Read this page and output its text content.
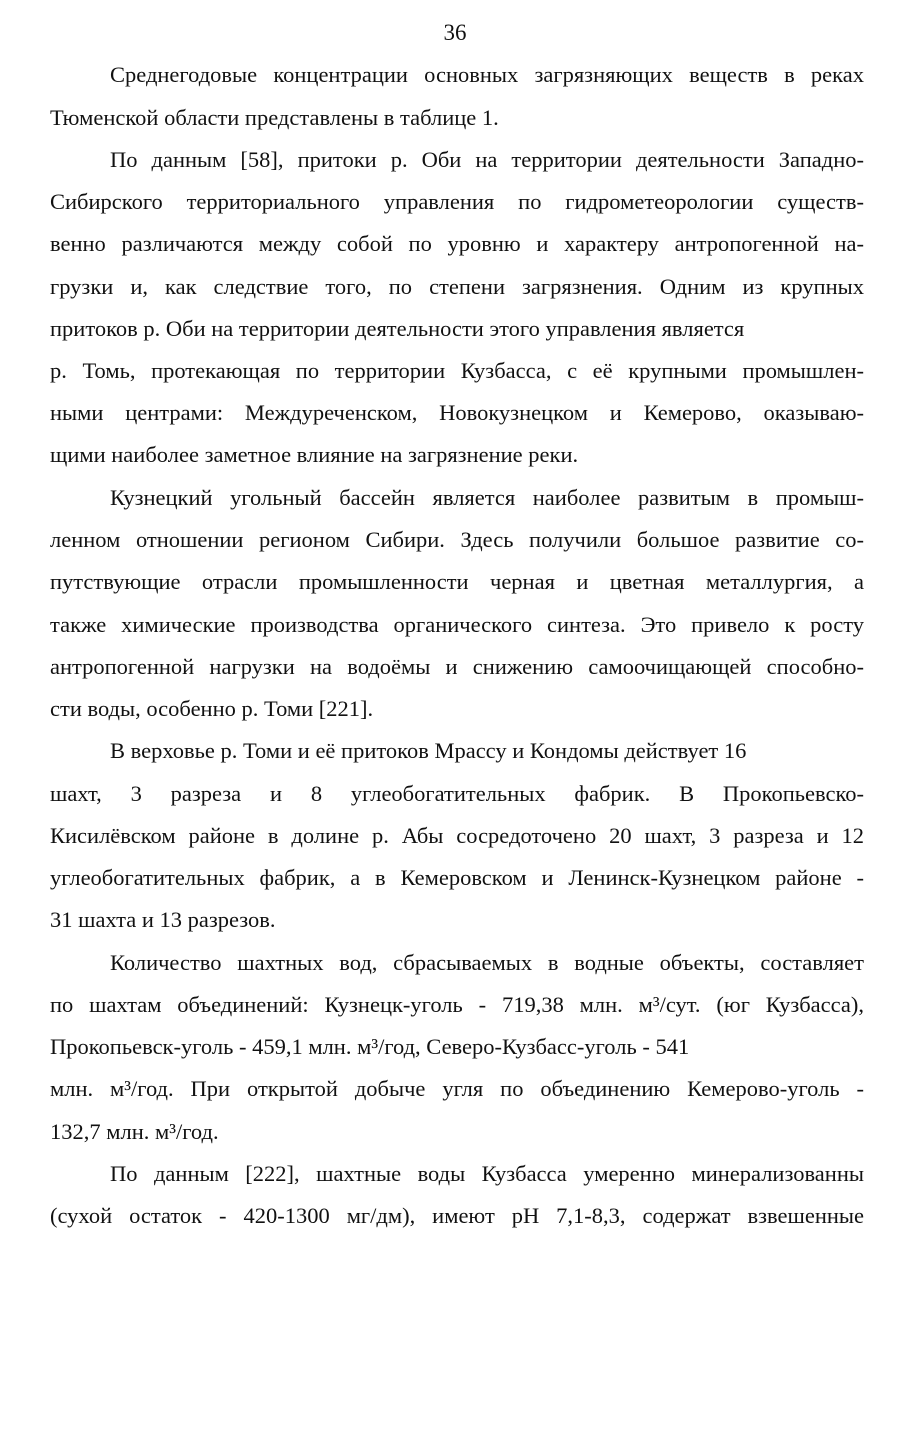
36
Среднегодовые концентрации основных загрязняющих веществ в реках
Тюменской области представлены в таблице 1.
По данным [58], притоки р. Оби на территории деятельности Западно-
Сибирского территориального управления по гидрометеорологии существ-
венно различаются между собой по уровню и характеру антропогенной на-
грузки и, как следствие того, по степени загрязнения. Одним из крупных
притоков р. Оби на территории деятельности этого управления является
р. Томь, протекающая по территории Кузбасса, с её крупными промышлен-
ными центрами: Междуреченском, Новокузнецком и Кемерово, оказываю-
щими наиболее заметное влияние на загрязнение реки.
Кузнецкий угольный бассейн является наиболее развитым в промыш-
ленном отношении регионом Сибири. Здесь получили большое развитие со-
путствующие отрасли промышленности черная и цветная металлургия, а
также химические производства органического синтеза. Это привело к росту
антропогенной нагрузки на водоёмы и снижению самоочищающей способно-
сти воды, особенно р. Томи [221].
В верховье р. Томи и её притоков Мрассу и Кондомы действует 16
шахт, 3 разреза и 8 углеобогатительных фабрик. В Прокопьевско-
Кисилёвском районе в долине р. Абы сосредоточено 20 шахт, 3 разреза и 12
углеобогатительных фабрик, а в Кемеровском и Ленинск-Кузнецком районе -
31 шахта и 13 разрезов.
Количество шахтных вод, сбрасываемых в водные объекты, составляет
по шахтам объединений: Кузнецк-уголь - 719,38 млн. м³/сут. (юг Кузбасса),
Прокопьевск-уголь - 459,1 млн. м³/год, Северо-Кузбасс-уголь - 541
млн. м³/год. При открытой добыче угля по объединению Кемерово-уголь -
132,7 млн. м³/год.
По данным [222], шахтные воды Кузбасса умеренно минерализованны
(сухой остаток - 420-1300 мг/дм), имеют pH 7,1-8,3, содержат взвешенные
